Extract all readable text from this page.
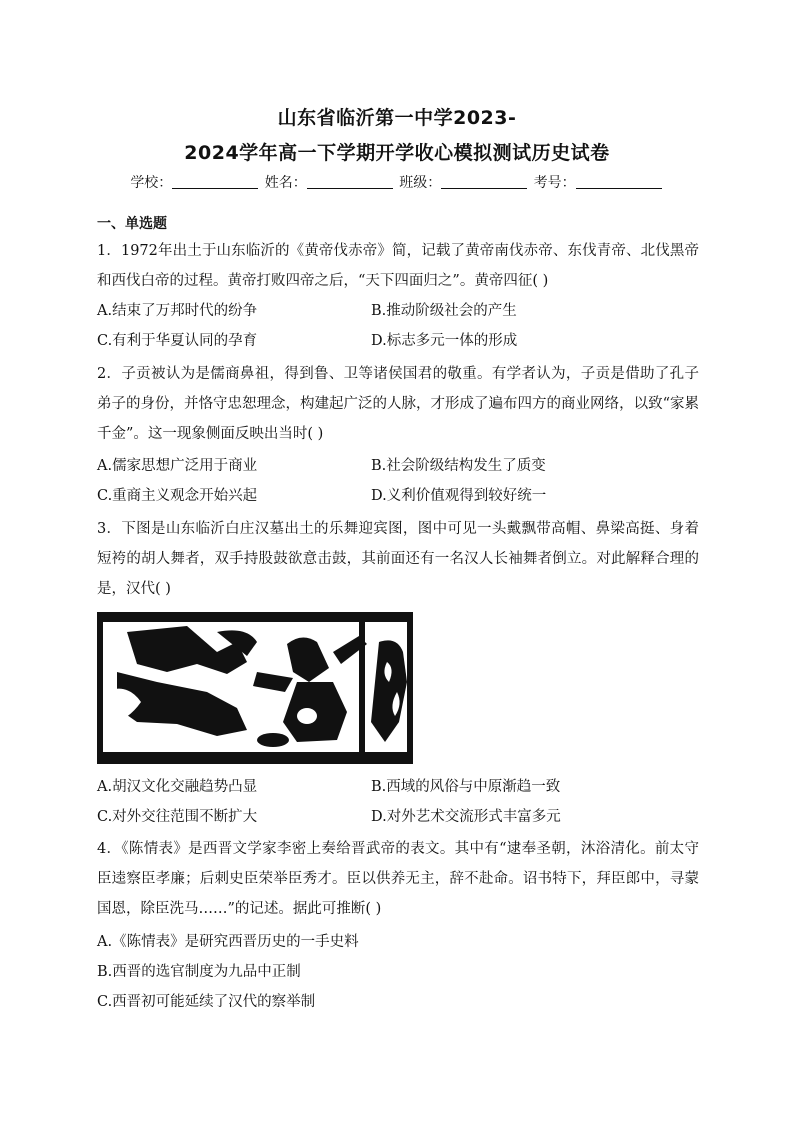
山东省临沂第一中学2023-
2024学年高一下学期开学收心模拟测试历史试卷
学校：	姓名：	班级：	考号：
一、单选题

1．1972年出土于山东临沂的《黄帝伐赤帝》简，记载了黄帝南伐赤帝、东伐青帝、北伐黑帝和西伐白帝的过程。黄帝打败四帝之后，“天下四面归之”。黄帝四征( )

A.结束了万邦时代的纷争	B.推动阶级社会的产生
C.有利于华夏认同的孕育	D.标志多元一体的形成

2．子贡被认为是儒商鼻祖，得到鲁、卫等诸侯国君的敬重。有学者认为，子贡是借助了孔子弟子的身份，并恪守忠恕理念，构建起广泛的人脉，才形成了遍布四方的商业网络，以致“家累千金”。这一现象侧面反映出当时( )

A.儒家思想广泛用于商业	B.社会阶级结构发生了质变
C.重商主义观念开始兴起	D.义利价值观得到较好统一

3．下图是山东临沂白庄汉墓出土的乐舞迎宾图，图中可见一头戴飘带高帽、鼻梁高挺、身着短袴的胡人舞者，双手持股鼓欲意击鼓，其前面还有一名汉人长袖舞者倒立。对此解释合理的是，汉代( )

A.胡汉文化交融趋势凸显	B.西域的风俗与中原渐趋一致
C.对外交往范围不断扩大	D.对外艺术交流形式丰富多元

4．《陈情表》是西晋文学家李密上奏给晋武帝的表文。其中有“逮奉圣朝，沐浴清化。前太守臣逵察臣孝廉；后刺史臣荣举臣秀才。臣以供养无主，辞不赴命。诏书特下，拜臣郎中，寻蒙国恩，除臣洗马……”的记述。据此可推断( )

A.《陈情表》是研究西晋历史的一手史料
B.西晋的选官制度为九品中正制
C.西晋初可能延续了汉代的察举制
